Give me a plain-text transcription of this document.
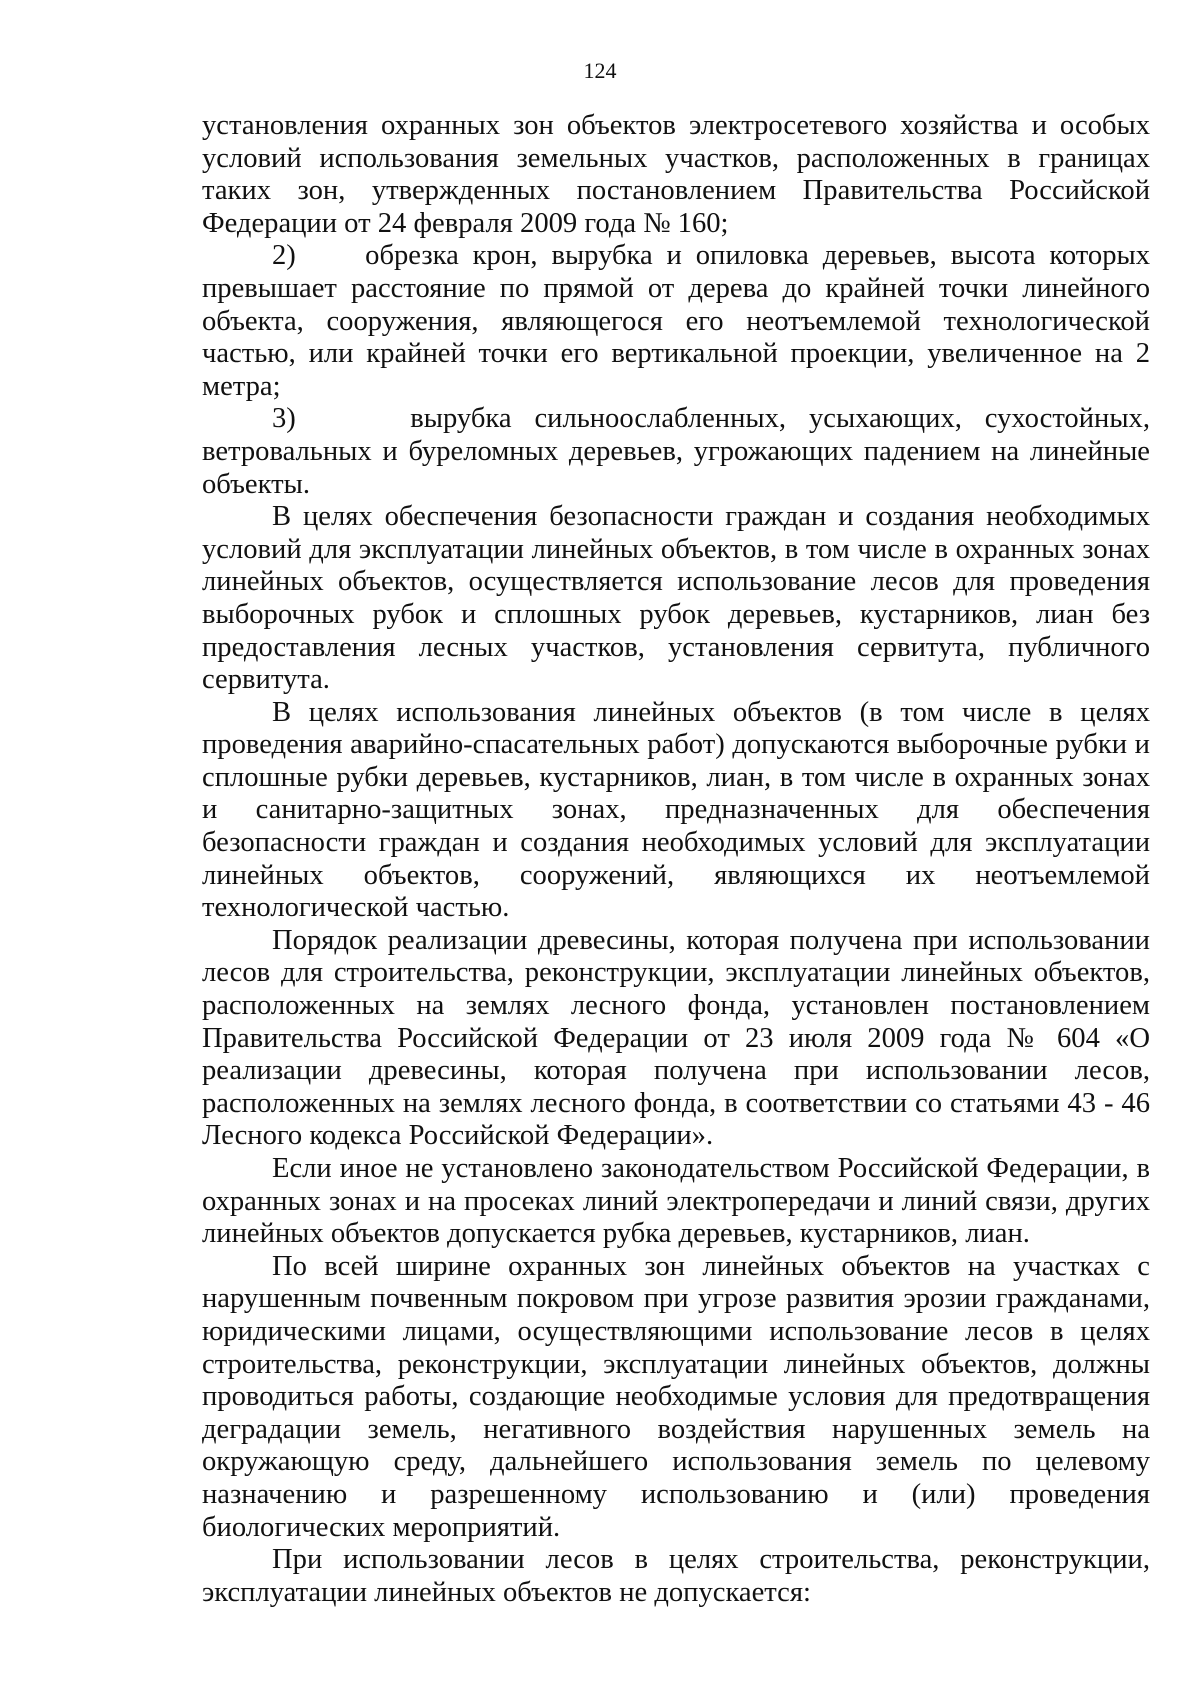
124

установления охранных зон объектов электросетевого хозяйства и особых условий использования земельных участков, расположенных в границах таких зон, утвержденных постановлением Правительства Российской Федерации от 24 февраля 2009 года № 160;

2)     обрезка крон, вырубка и опиловка деревьев, высота которых превышает расстояние по прямой от дерева до крайней точки линейного объекта, сооружения, являющегося его неотъемлемой технологической частью, или крайней точки его вертикальной проекции, увеличенное на 2 метра;

3)     вырубка сильноослабленных, усыхающих, сухостойных, ветровальных и буреломных деревьев, угрожающих падением на линейные объекты.

В целях обеспечения безопасности граждан и создания необходимых условий для эксплуатации линейных объектов, в том числе в охранных зонах линейных объектов, осуществляется использование лесов для проведения выборочных рубок и сплошных рубок деревьев, кустарников, лиан без предоставления лесных участков, установления сервитута, публичного сервитута.

В целях использования линейных объектов (в том числе в целях проведения аварийно-спасательных работ) допускаются выборочные рубки и сплошные рубки деревьев, кустарников, лиан, в том числе в охранных зонах и санитарно-защитных зонах, предназначенных для обеспечения безопасности граждан и создания необходимых условий для эксплуатации линейных объектов, сооружений, являющихся их неотъемлемой технологической частью.

Порядок реализации древесины, которая получена при использовании лесов для строительства, реконструкции, эксплуатации линейных объектов, расположенных на землях лесного фонда, установлен постановлением Правительства Российской Федерации от 23 июля 2009 года № 604 «О реализации древесины, которая получена при использовании лесов, расположенных на землях лесного фонда, в соответствии со статьями 43 - 46 Лесного кодекса Российской Федерации».

Если иное не установлено законодательством Российской Федерации, в охранных зонах и на просеках линий электропередачи и линий связи, других линейных объектов допускается рубка деревьев, кустарников, лиан.

По всей ширине охранных зон линейных объектов на участках с нарушенным почвенным покровом при угрозе развития эрозии гражданами, юридическими лицами, осуществляющими использование лесов в целях строительства, реконструкции, эксплуатации линейных объектов, должны проводиться работы, создающие необходимые условия для предотвращения деградации земель, негативного воздействия нарушенных земель на окружающую среду, дальнейшего использования земель по целевому назначению и разрешенному использованию и (или) проведения биологических мероприятий.

При использовании лесов в целях строительства, реконструкции, эксплуатации линейных объектов не допускается:
